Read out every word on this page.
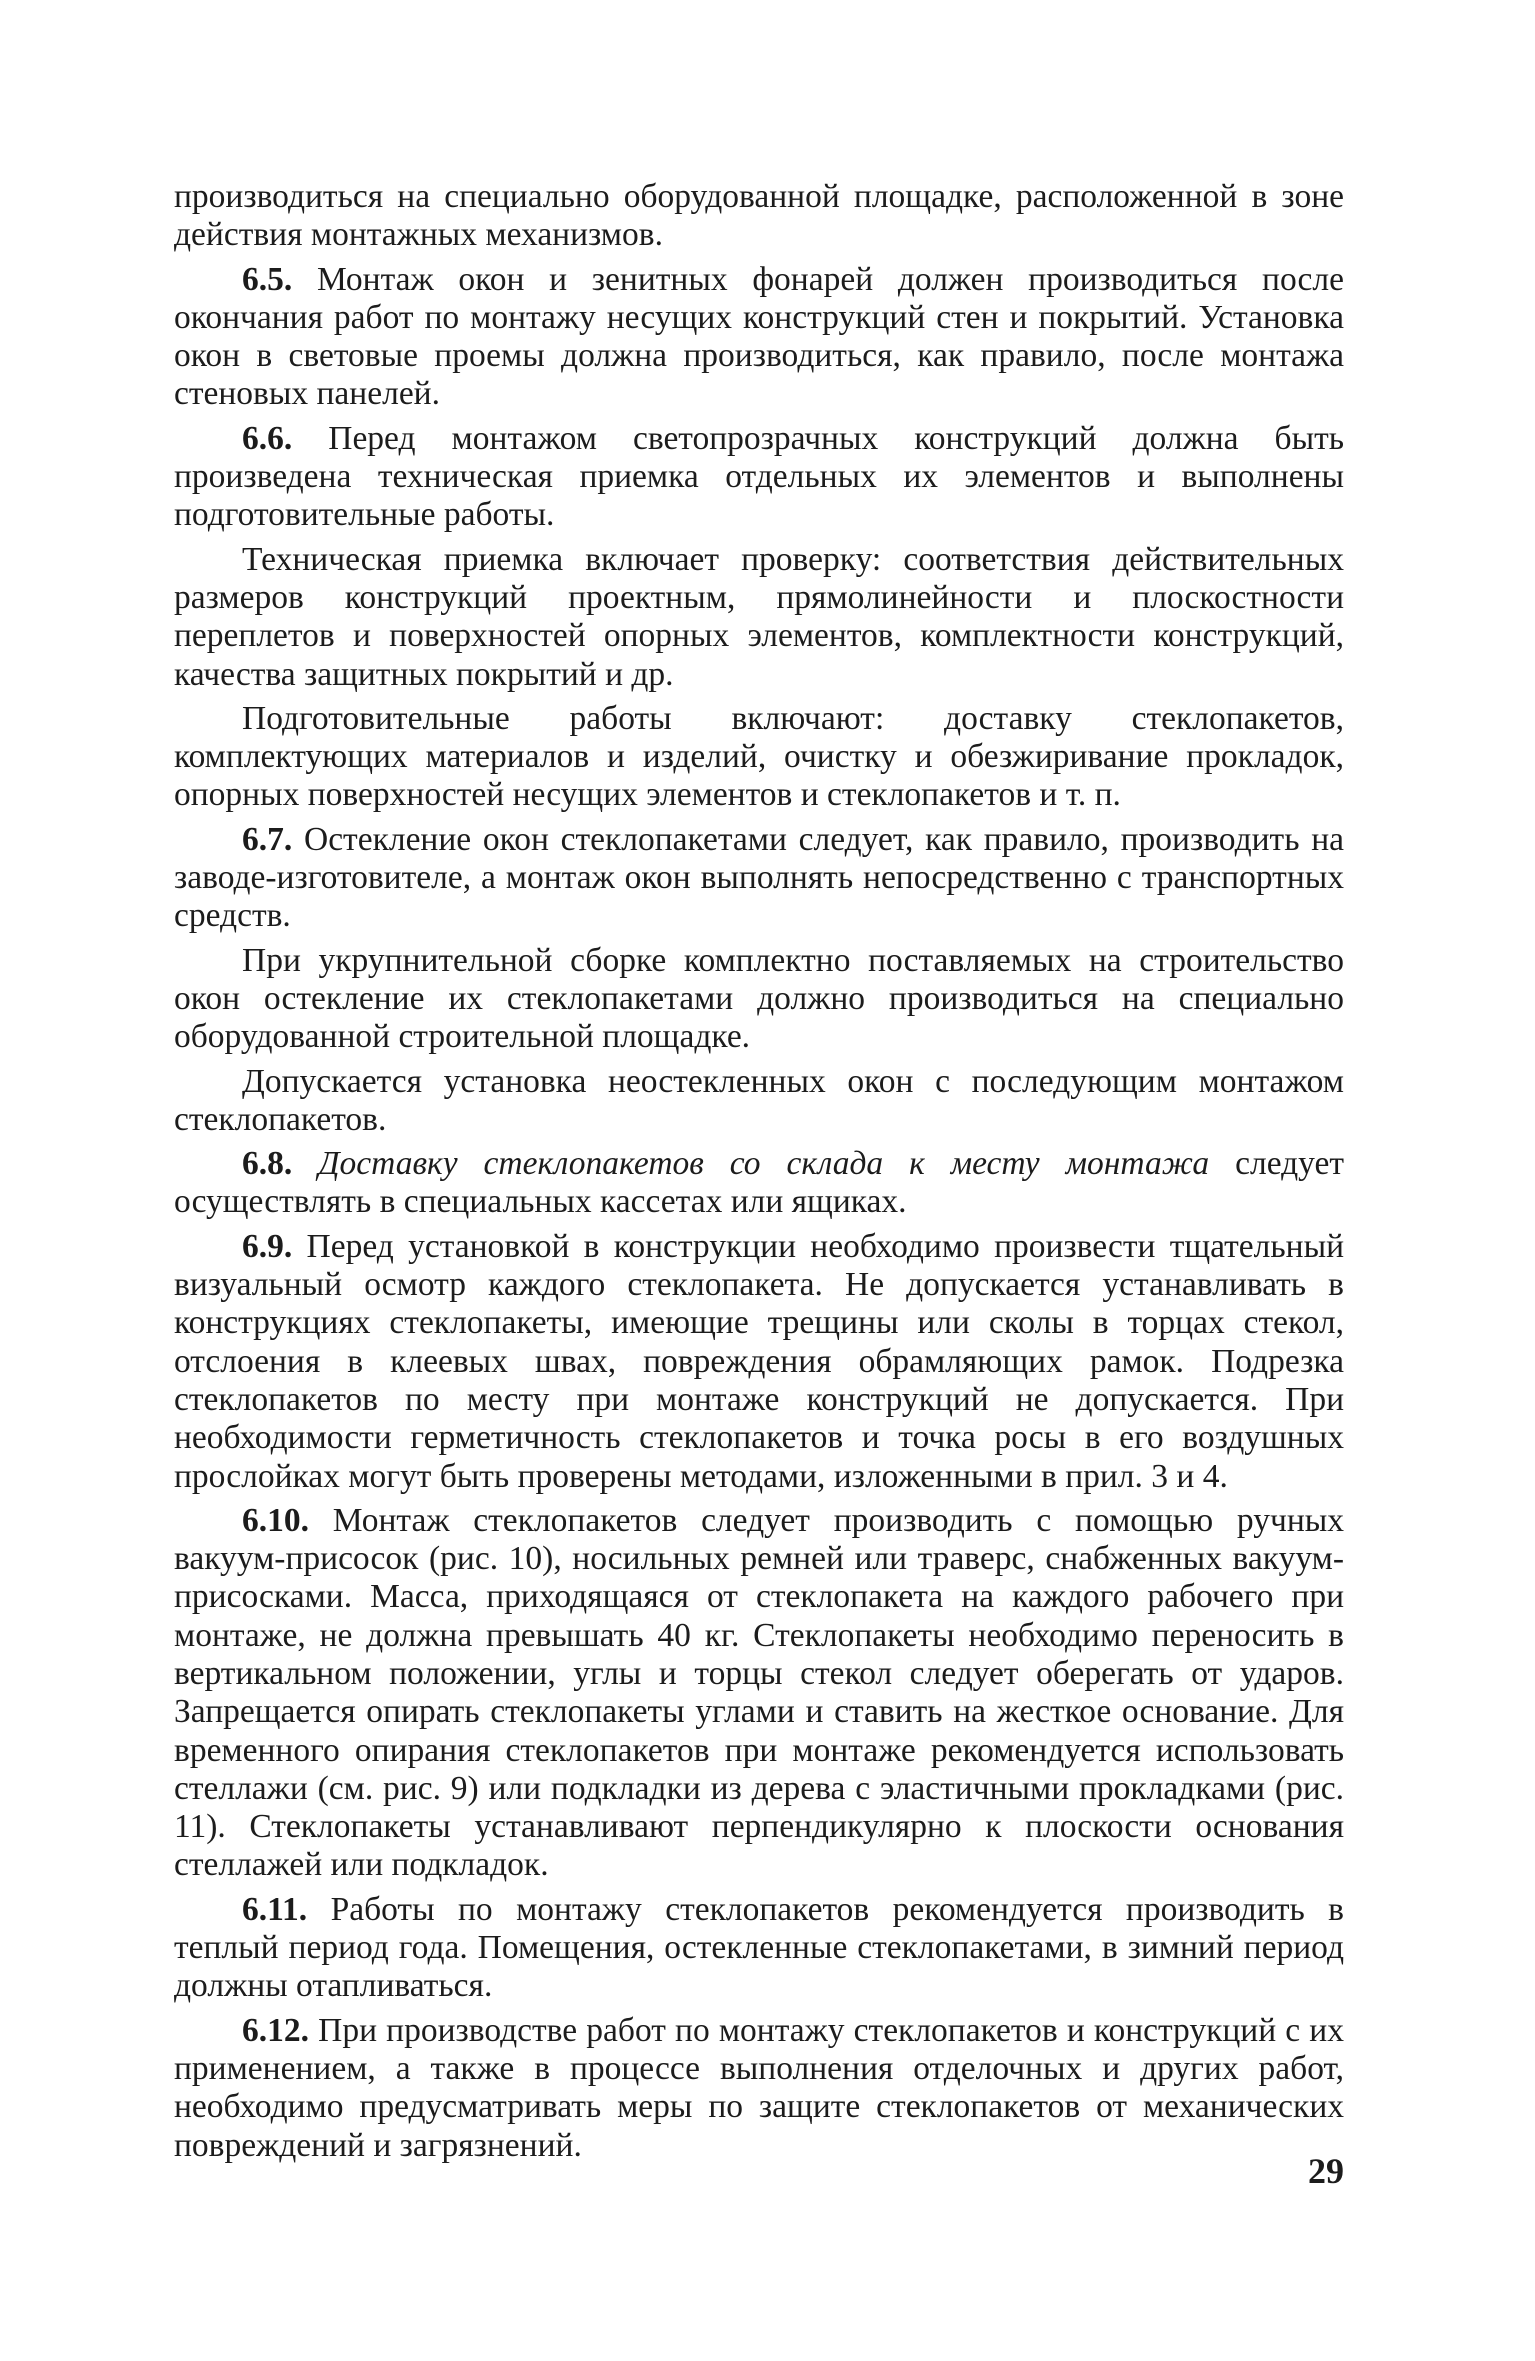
производиться на специально оборудованной площадке, расположенной в зоне действия монтажных механизмов.

6.5. Монтаж окон и зенитных фонарей должен производиться после окончания работ по монтажу несущих конструкций стен и покрытий. Установка окон в световые проемы должна производиться, как правило, после монтажа стеновых панелей.

6.6. Перед монтажом светопрозрачных конструкций должна быть произведена техническая приемка отдельных их элементов и выполнены подготовительные работы.

Техническая приемка включает проверку: соответствия действительных размеров конструкций проектным, прямолинейности и плоскостности переплетов и поверхностей опорных элементов, комплектности конструкций, качества защитных покрытий и др.

Подготовительные работы включают: доставку стеклопакетов, комплектующих материалов и изделий, очистку и обезжиривание прокладок, опорных поверхностей несущих элементов и стеклопакетов и т. п.

6.7. Остекление окон стеклопакетами следует, как правило, производить на заводе-изготовителе, а монтаж окон выполнять непосредственно с транспортных средств.

При укрупнительной сборке комплектно поставляемых на строительство окон остекление их стеклопакетами должно производиться на специально оборудованной строительной площадке.

Допускается установка неостекленных окон с последующим монтажом стеклопакетов.

6.8. Доставку стеклопакетов со склада к месту монтажа следует осуществлять в специальных кассетах или ящиках.

6.9. Перед установкой в конструкции необходимо произвести тщательный визуальный осмотр каждого стеклопакета. Не допускается устанавливать в конструкциях стеклопакеты, имеющие трещины или сколы в торцах стекол, отслоения в клеевых швах, повреждения обрамляющих рамок. Подрезка стеклопакетов по месту при монтаже конструкций не допускается. При необходимости герметичность стеклопакетов и точка росы в его воздушных прослойках могут быть проверены методами, изложенными в прил. 3 и 4.

6.10. Монтаж стеклопакетов следует производить с помощью ручных вакуум-присосок (рис. 10), носильных ремней или траверс, снабженных вакуум-присосками. Масса, приходящаяся от стеклопакета на каждого рабочего при монтаже, не должна превышать 40 кг. Стеклопакеты необходимо переносить в вертикальном положении, углы и торцы стекол следует оберегать от ударов. Запрещается опирать стеклопакеты углами и ставить на жесткое основание. Для временного опирания стеклопакетов при монтаже рекомендуется использовать стеллажи (см. рис. 9) или подкладки из дерева с эластичными прокладками (рис. 11). Стеклопакеты устанавливают перпендикулярно к плоскости основания стеллажей или подкладок.

6.11. Работы по монтажу стеклопакетов рекомендуется производить в теплый период года. Помещения, остекленные стеклопакетами, в зимний период должны отапливаться.

6.12. При производстве работ по монтажу стеклопакетов и конструкций с их применением, а также в процессе выполнения отделочных и других работ, необходимо предусматривать меры по защите стеклопакетов от механических повреждений и загрязнений.

29
